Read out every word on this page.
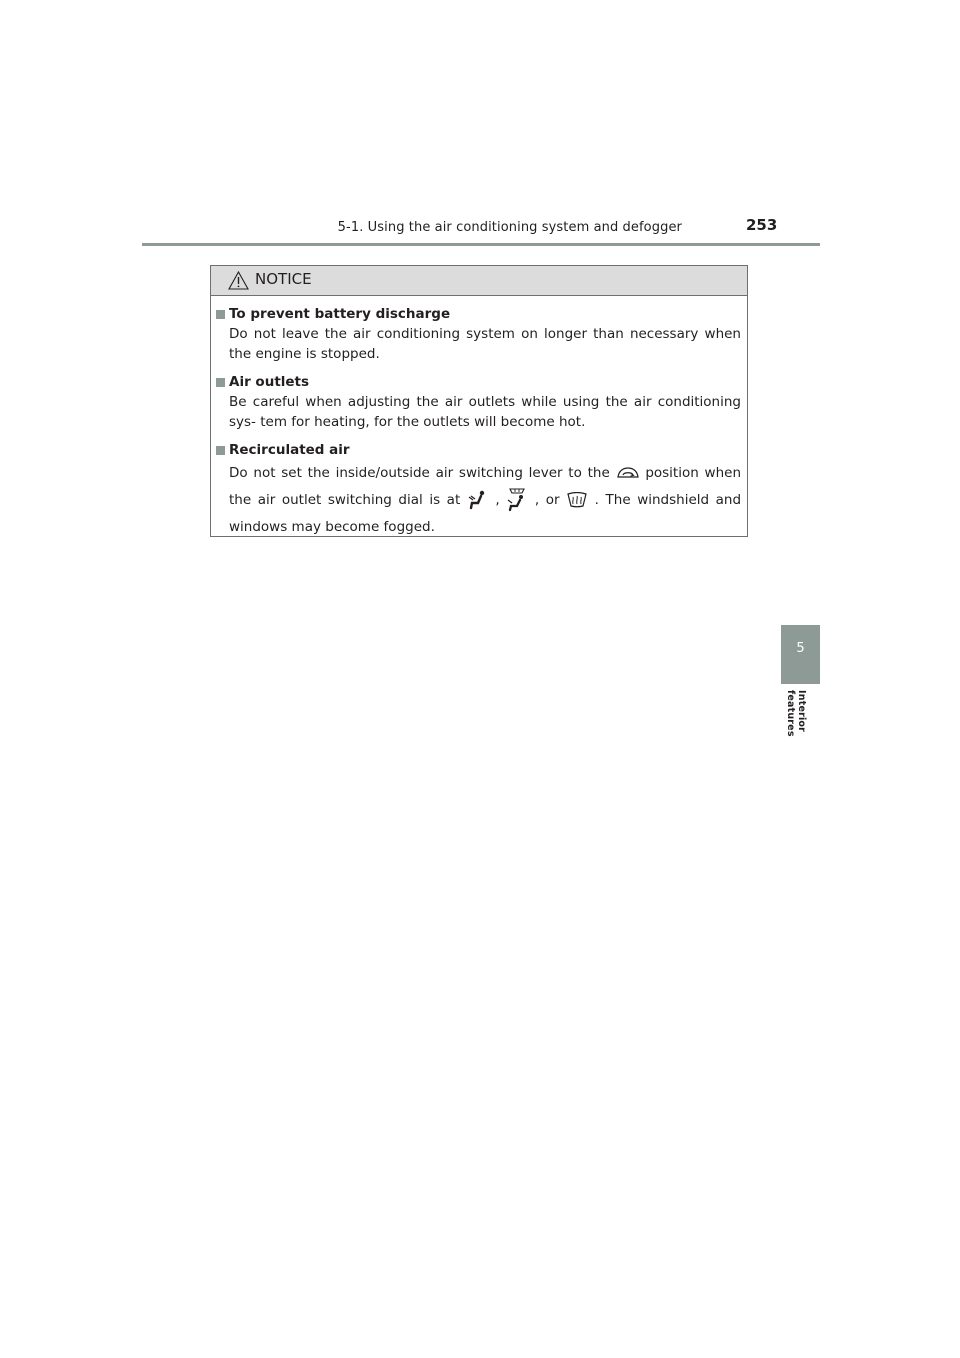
5-1. Using the air conditioning system and defogger	253
5
Interior features
NOTICE
To prevent battery discharge
Do not leave the air conditioning system on longer than necessary when the engine is stopped.
Air outlets
Be careful when adjusting the air outlets while using the air conditioning sys- tem for heating, for the outlets will become hot.
Recirculated air
Do not set the inside/outside air switching lever to the	position when the air outlet switching dial is at	,	, or	. The windshield and windows may become fogged.
